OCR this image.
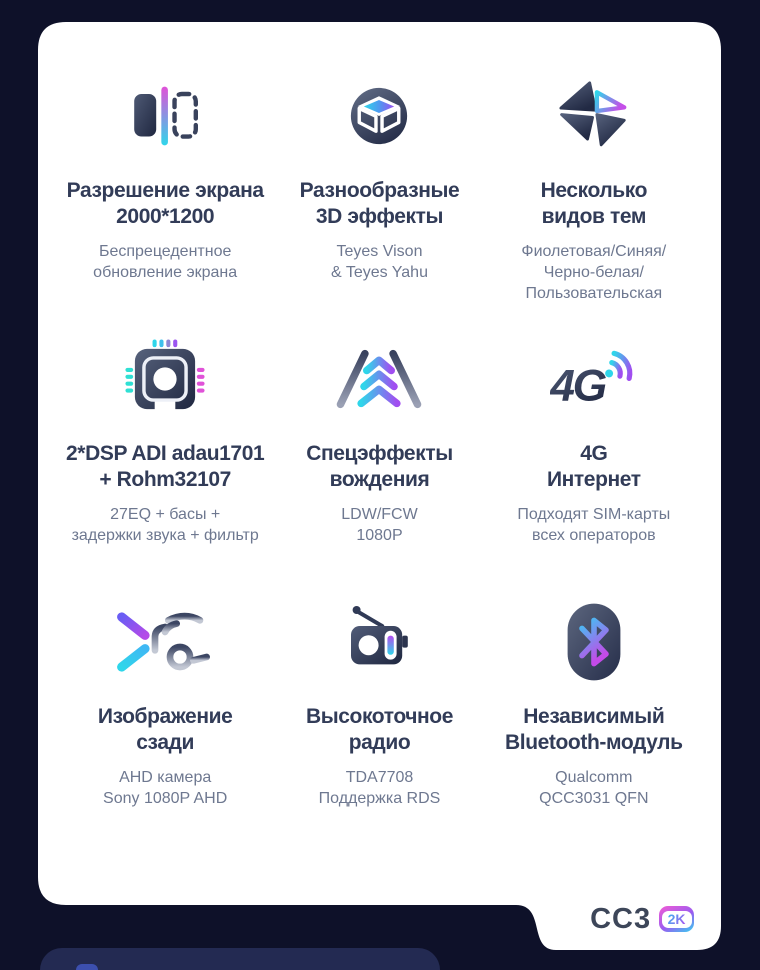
Разрешение экрана
2000*1200
Беспрецедентное
обновление экрана
Разнообразные
3D эффекты
Teyes Vison
& Teyes Yahu
Несколько
видов тем
Фиолетовая/Синяя/
Черно-белая/
Пользовательская
2*DSP ADI adau1701
+ Rohm32107
27EQ + басы +
задержки звука + фильтр
Спецэффекты
вождения
LDW/FCW
1080P
4G
4G
Интернет
Подходят SIM-карты
всех операторов
Изображение
сзади
AHD камера
Sony 1080P AHD
Высокоточное
радио
TDA7708
Поддержка RDS
Независимый
Bluetooth-модуль
Qualcomm
QCC3031 QFN
CC3	2K
